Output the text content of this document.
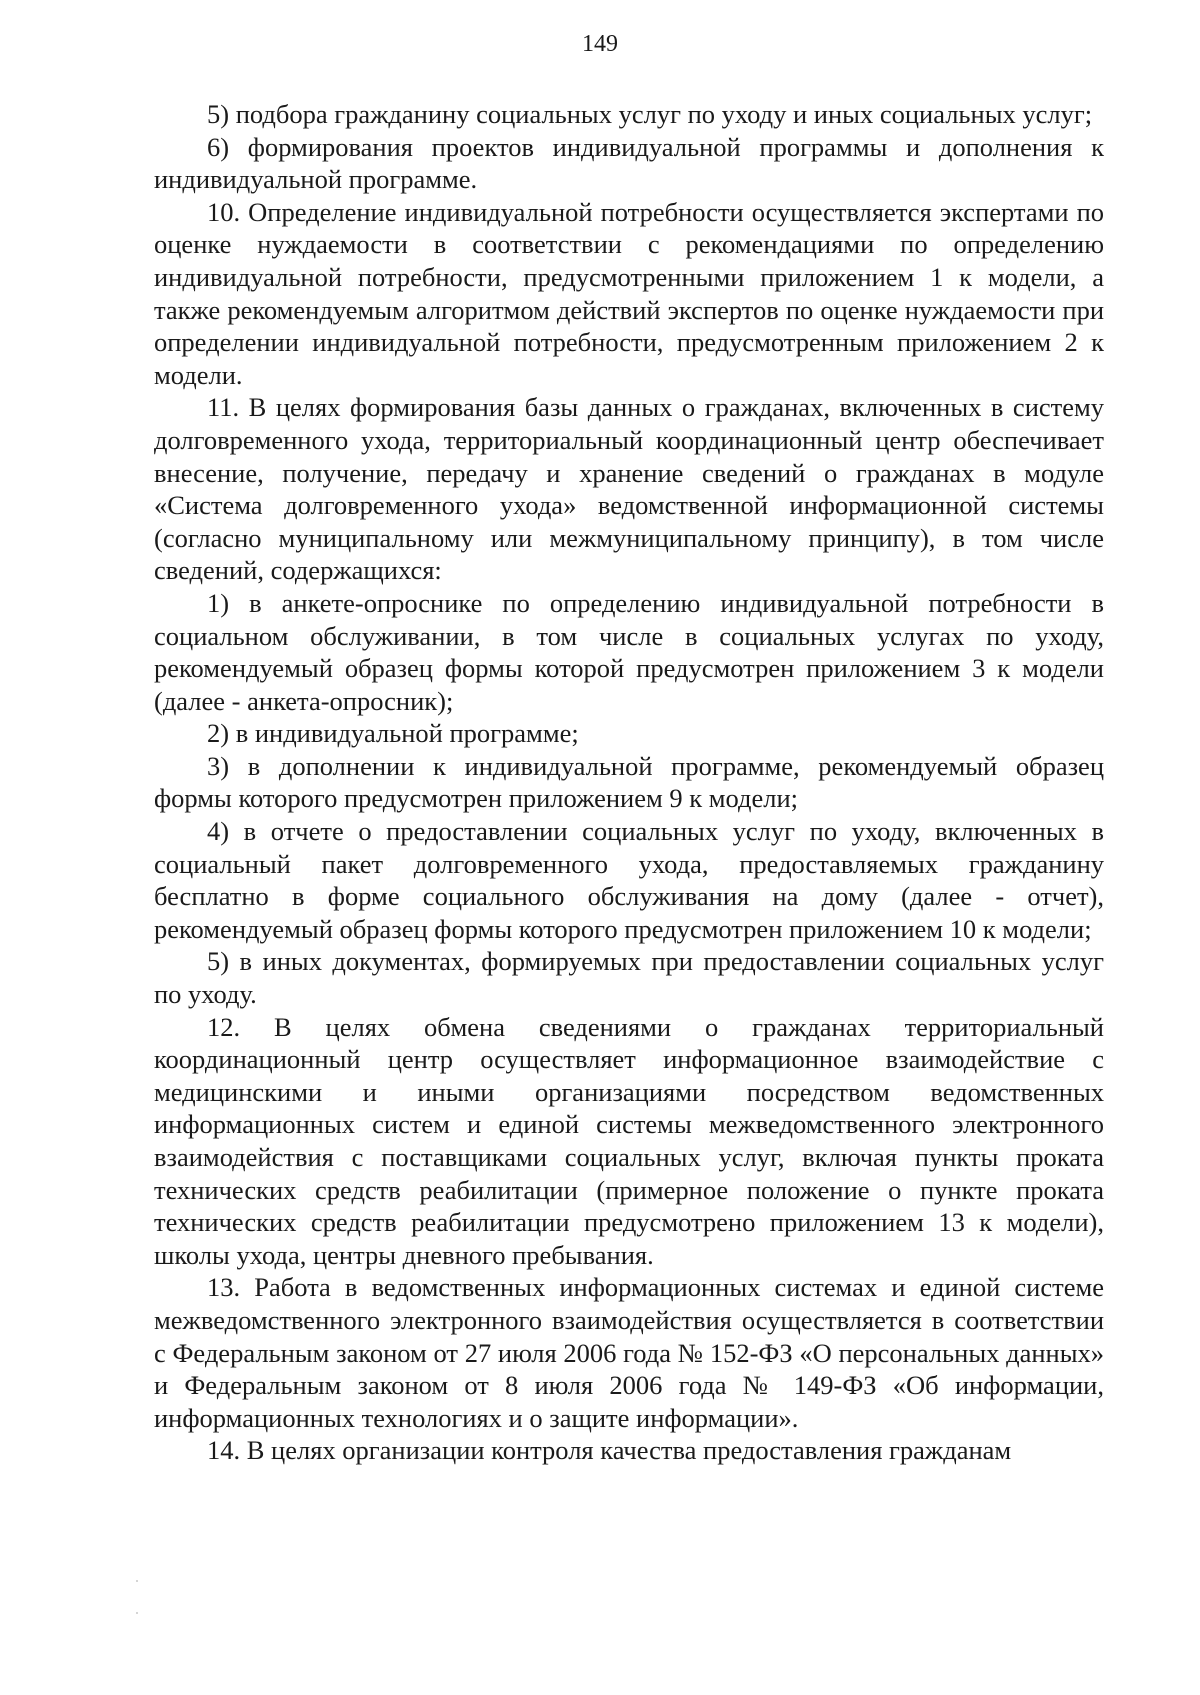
149

5) подбора гражданину социальных услуг по уходу и иных социальных услуг;

6) формирования проектов индивидуальной программы и дополнения к индивидуальной программе.

10. Определение индивидуальной потребности осуществляется экспертами по оценке нуждаемости в соответствии с рекомендациями по определению индивидуальной потребности, предусмотренными приложением 1 к модели, а также рекомендуемым алгоритмом действий экспертов по оценке нуждаемости при определении индивидуальной потребности, предусмотренным приложением 2 к модели.

11. В целях формирования базы данных о гражданах, включенных в систему долговременного ухода, территориальный координационный центр обеспечивает внесение, получение, передачу и хранение сведений о гражданах в модуле «Система долговременного ухода» ведомственной информационной системы (согласно муниципальному или межмуниципальному принципу), в том числе сведений, содержащихся:

1) в анкете-опроснике по определению индивидуальной потребности в социальном обслуживании, в том числе в социальных услугах по уходу, рекомендуемый образец формы которой предусмотрен приложением 3 к модели (далее - анкета-опросник);

2) в индивидуальной программе;

3) в дополнении к индивидуальной программе, рекомендуемый образец формы которого предусмотрен приложением 9 к модели;

4) в отчете о предоставлении социальных услуг по уходу, включенных в социальный пакет долговременного ухода, предоставляемых гражданину бесплатно в форме социального обслуживания на дому (далее - отчет), рекомендуемый образец формы которого предусмотрен приложением 10 к модели;

5) в иных документах, формируемых при предоставлении социальных услуг по уходу.

12. В целях обмена сведениями о гражданах территориальный координационный центр осуществляет информационное взаимодействие с медицинскими и иными организациями посредством ведомственных информационных систем и единой системы межведомственного электронного взаимодействия с поставщиками социальных услуг, включая пункты проката технических средств реабилитации (примерное положение о пункте проката технических средств реабилитации предусмотрено приложением 13 к модели), школы ухода, центры дневного пребывания.

13. Работа в ведомственных информационных системах и единой системе межведомственного электронного взаимодействия осуществляется в соответствии с Федеральным законом от 27 июля 2006 года № 152-ФЗ «О персональных данных» и Федеральным законом от 8 июля 2006 года № 149-ФЗ «Об информации, информационных технологиях и о защите информации».

14. В целях организации контроля качества предоставления гражданам
